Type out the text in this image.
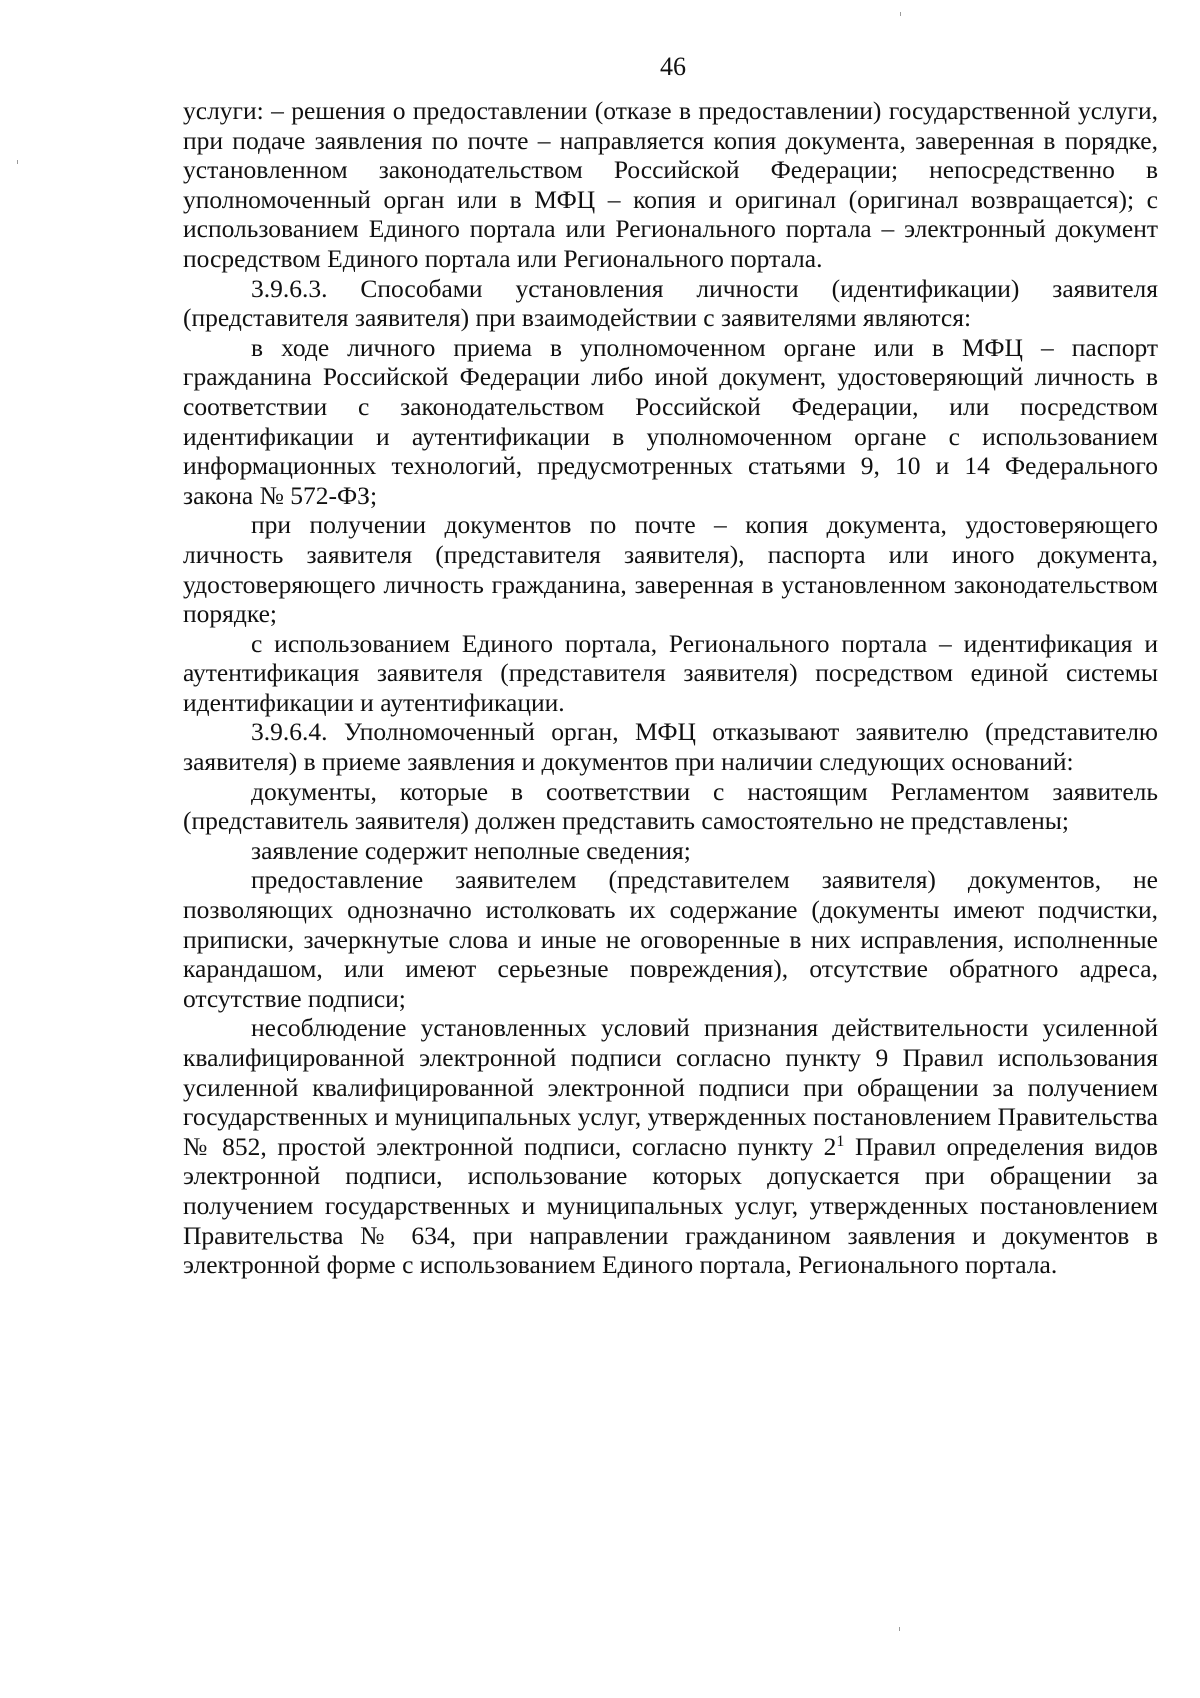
46

услуги: – решения о предоставлении (отказе в предоставлении) государственной услуги, при подаче заявления по почте – направляется копия документа, заверенная в порядке, установленном законодательством Российской Федерации; непосредственно в уполномоченный орган или в МФЦ – копия и оригинал (оригинал возвращается); с использованием Единого портала или Регионального портала – электронный документ посредством Единого портала или Регионального портала.

3.9.6.3. Способами установления личности (идентификации) заявителя (представителя заявителя) при взаимодействии с заявителями являются:

в ходе личного приема в уполномоченном органе или в МФЦ – паспорт гражданина Российской Федерации либо иной документ, удостоверяющий личность в соответствии с законодательством Российской Федерации, или посредством идентификации и аутентификации в уполномоченном органе с использованием информационных технологий, предусмотренных статьями 9, 10 и 14 Федерального закона № 572-ФЗ;

при получении документов по почте – копия документа, удостоверяющего личность заявителя (представителя заявителя), паспорта или иного документа, удостоверяющего личность гражданина, заверенная в установленном законодательством порядке;

с использованием Единого портала, Регионального портала – идентификация и аутентификация заявителя (представителя заявителя) посредством единой системы идентификации и аутентификации.

3.9.6.4. Уполномоченный орган, МФЦ отказывают заявителю (представителю заявителя) в приеме заявления и документов при наличии следующих оснований:

документы, которые в соответствии с настоящим Регламентом заявитель (представитель заявителя) должен представить самостоятельно не представлены;

заявление содержит неполные сведения;

предоставление заявителем (представителем заявителя) документов, не позволяющих однозначно истолковать их содержание (документы имеют подчистки, приписки, зачеркнутые слова и иные не оговоренные в них исправления, исполненные карандашом, или имеют серьезные повреждения), отсутствие обратного адреса, отсутствие подписи;

несоблюдение установленных условий признания действительности усиленной квалифицированной электронной подписи согласно пункту 9 Правил использования усиленной квалифицированной электронной подписи при обращении за получением государственных и муниципальных услуг, утвержденных постановлением Правительства № 852, простой электронной подписи, согласно пункту $2^1$ Правил определения видов электронной подписи, использование которых допускается при обращении за получением государственных и муниципальных услуг, утвержденных постановлением Правительства № 634, при направлении гражданином заявления и документов в электронной форме с использованием Единого портала, Регионального портала.
